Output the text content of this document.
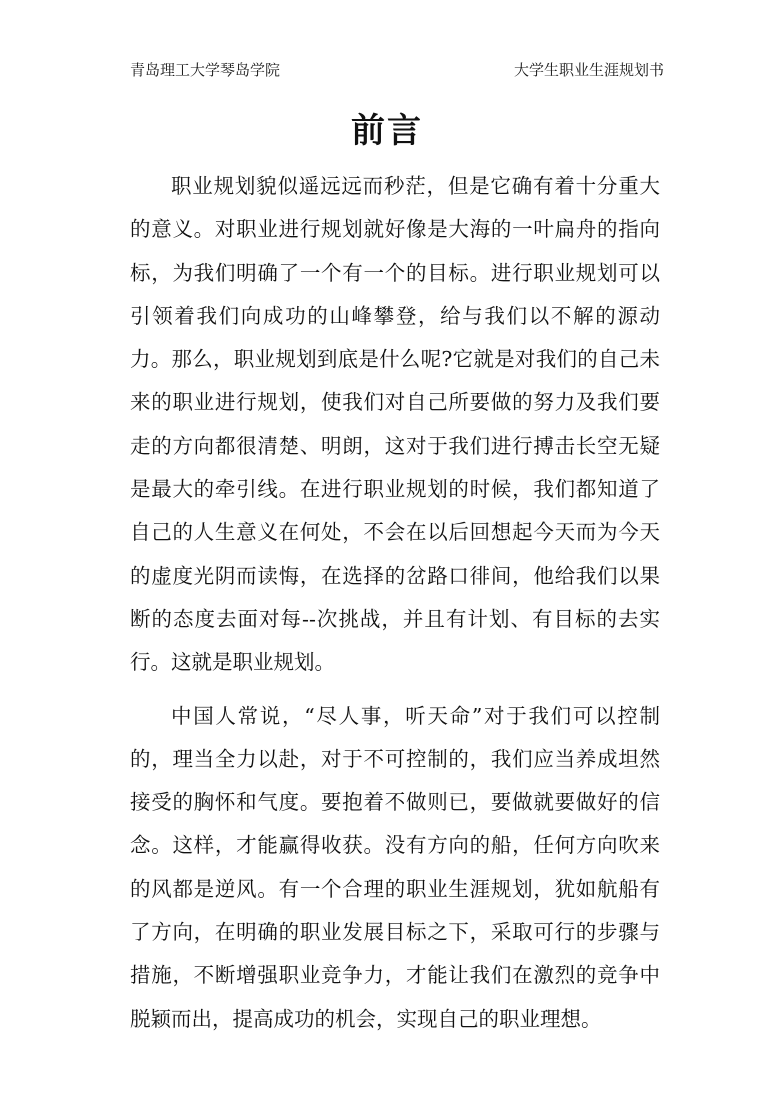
青岛理工大学琴岛学院	大学生职业生涯规划书
前言

职业规划貌似遥远远而秒茫，但是它确有着十分重大的意义。对职业进行规划就好像是大海的一叶扁舟的指向标，为我们明确了一个有一个的目标。进行职业规划可以引领着我们向成功的山峰攀登，给与我们以不解的源动力。那么，职业规划到底是什么呢?它就是对我们的自己未来的职业进行规划，使我们对自己所要做的努力及我们要走的方向都很清楚、明朗，这对于我们进行搏击长空无疑是最大的牵引线。在进行职业规划的时候，我们都知道了自己的人生意义在何处，不会在以后回想起今天而为今天的虚度光阴而读悔，在选择的岔路口徘间，他给我们以果断的态度去面对每--次挑战，并且有计划、有目标的去实行。这就是职业规划。

中国人常说，“尽人事，听天命”对于我们可以控制的，理当全力以赴，对于不可控制的，我们应当养成坦然接受的胸怀和气度。要抱着不做则已，要做就要做好的信念。这样，才能赢得收获。没有方向的船，任何方向吹来的风都是逆风。有一个合理的职业生涯规划，犹如航船有了方向，在明确的职业发展目标之下，采取可行的步骤与措施，不断增强职业竞争力，才能让我们在激烈的竞争中脱颖而出，提高成功的机会，实现自己的职业理想。
